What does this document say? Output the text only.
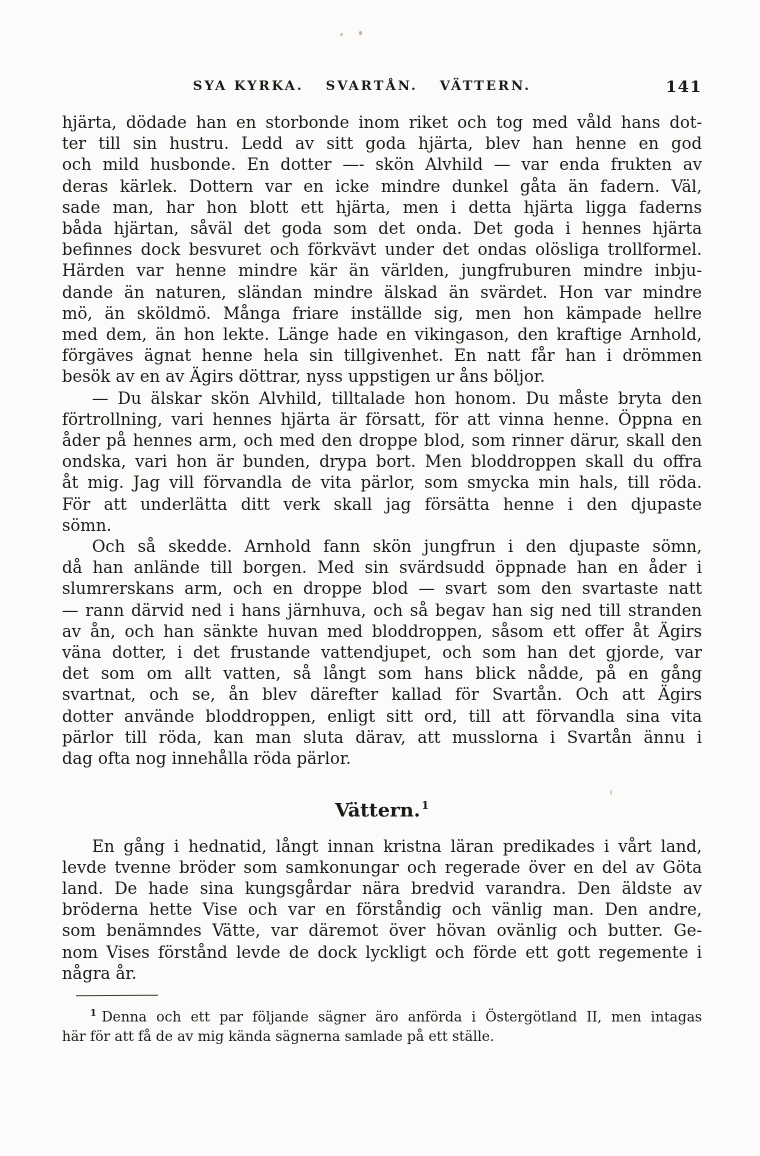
SYA KYRKA. SVARTÅN. VÄTTERN.	141
hjärta, dödade han en storbonde inom riket och tog med våld hans dot-
ter till sin hustru. Ledd av sitt goda hjärta, blev han henne en god
och mild husbonde. En dotter —- skön Alvhild — var enda frukten av
deras kärlek. Dottern var en icke mindre dunkel gåta än fadern. Väl,
sade man, har hon blott ett hjärta, men i detta hjärta ligga faderns
båda hjärtan, såväl det goda som det onda. Det goda i hennes hjärta
befinnes dock besvuret och förkvävt under det ondas olösliga trollformel.
Härden var henne mindre kär än världen, jungfruburen mindre inbju-
dande än naturen, sländan mindre älskad än svärdet. Hon var mindre
mö, än sköldmö. Många friare inställde sig, men hon kämpade hellre
med dem, än hon lekte. Länge hade en vikingason, den kraftige Arnhold,
förgäves ägnat henne hela sin tillgivenhet. En natt får han i drömmen
besök av en av Ägirs döttrar, nyss uppstigen ur åns böljor.
— Du älskar skön Alvhild, tilltalade hon honom. Du måste bryta den
förtrollning, vari hennes hjärta är försatt, för att vinna henne. Öppna en
åder på hennes arm, och med den droppe blod, som rinner därur, skall den
ondska, vari hon är bunden, drypa bort. Men bloddroppen skall du offra
åt mig. Jag vill förvandla de vita pärlor, som smycka min hals, till röda.
För att underlätta ditt verk skall jag försätta henne i den djupaste
sömn.
Och så skedde. Arnhold fann skön jungfrun i den djupaste sömn,
då han anlände till borgen. Med sin svärdsudd öppnade han en åder i
slumrerskans arm, och en droppe blod — svart som den svartaste natt
— rann därvid ned i hans järnhuva, och så begav han sig ned till stranden
av ån, och han sänkte huvan med bloddroppen, såsom ett offer åt Ägirs
väna dotter, i det frustande vattendjupet, och som han det gjorde, var
det som om allt vatten, så långt som hans blick nådde, på en gång
svartnat, och se, ån blev därefter kallad för Svartån. Och att Ägirs
dotter använde bloddroppen, enligt sitt ord, till att förvandla sina vita
pärlor till röda, kan man sluta därav, att musslorna i Svartån ännu i
dag ofta nog innehålla röda pärlor.
Vättern.$^1$
En gång i hednatid, långt innan kristna läran predikades i vårt land,
levde tvenne bröder som samkonungar och regerade över en del av Göta
land. De hade sina kungsgårdar nära bredvid varandra. Den äldste av
bröderna hette Vise och var en förståndig och vänlig man. Den andre,
som benämndes Vätte, var däremot över hövan ovänlig och butter. Ge-
nom Vises förstånd levde de dock lyckligt och förde ett gott regemente i
några år.
$^1$ Denna och ett par följande sägner äro anförda i Östergötland II, men intagas
här för att få de av mig kända sägnerna samlade på ett ställe.
